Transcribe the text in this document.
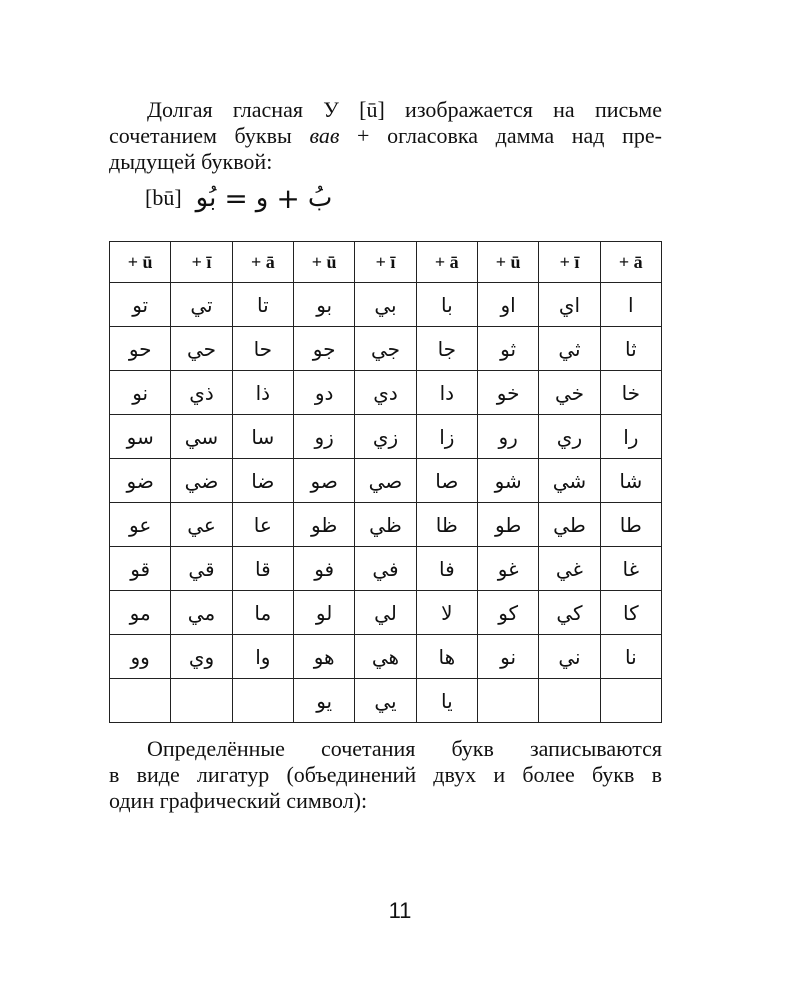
Долгая гласная У [ū] изображается на письме
сочетанием буквы вав + огласовка дамма над пре-
дыдущей буквой:
[bū] بُو = و + بُ
+ ū	+ ī	+ ā	+ ū	+ ī	+ ā	+ ū	+ ī	+ ā
تو	تي	تا	بو	بي	با	او	اي	ا
حو	حي	حا	جو	جي	جا	ثو	ثي	ثا
نو	ذي	ذا	دو	دي	دا	خو	خي	خا
سو	سي	سا	زو	زي	زا	رو	ري	را
ضو	ضي	ضا	صو	صي	صا	شو	شي	شا
عو	عي	عا	ظو	ظي	ظا	طو	طي	طا
قو	قي	قا	فو	في	فا	غو	غي	غا
مو	مي	ما	لو	لي	لا	كو	كي	كا
وو	وي	وا	هو	هي	ها	نو	ني	نا
			يو	يي	يا			
Определённые сочетания букв записываются
в виде лигатур (объединений двух и более букв в
один графический символ):
11
